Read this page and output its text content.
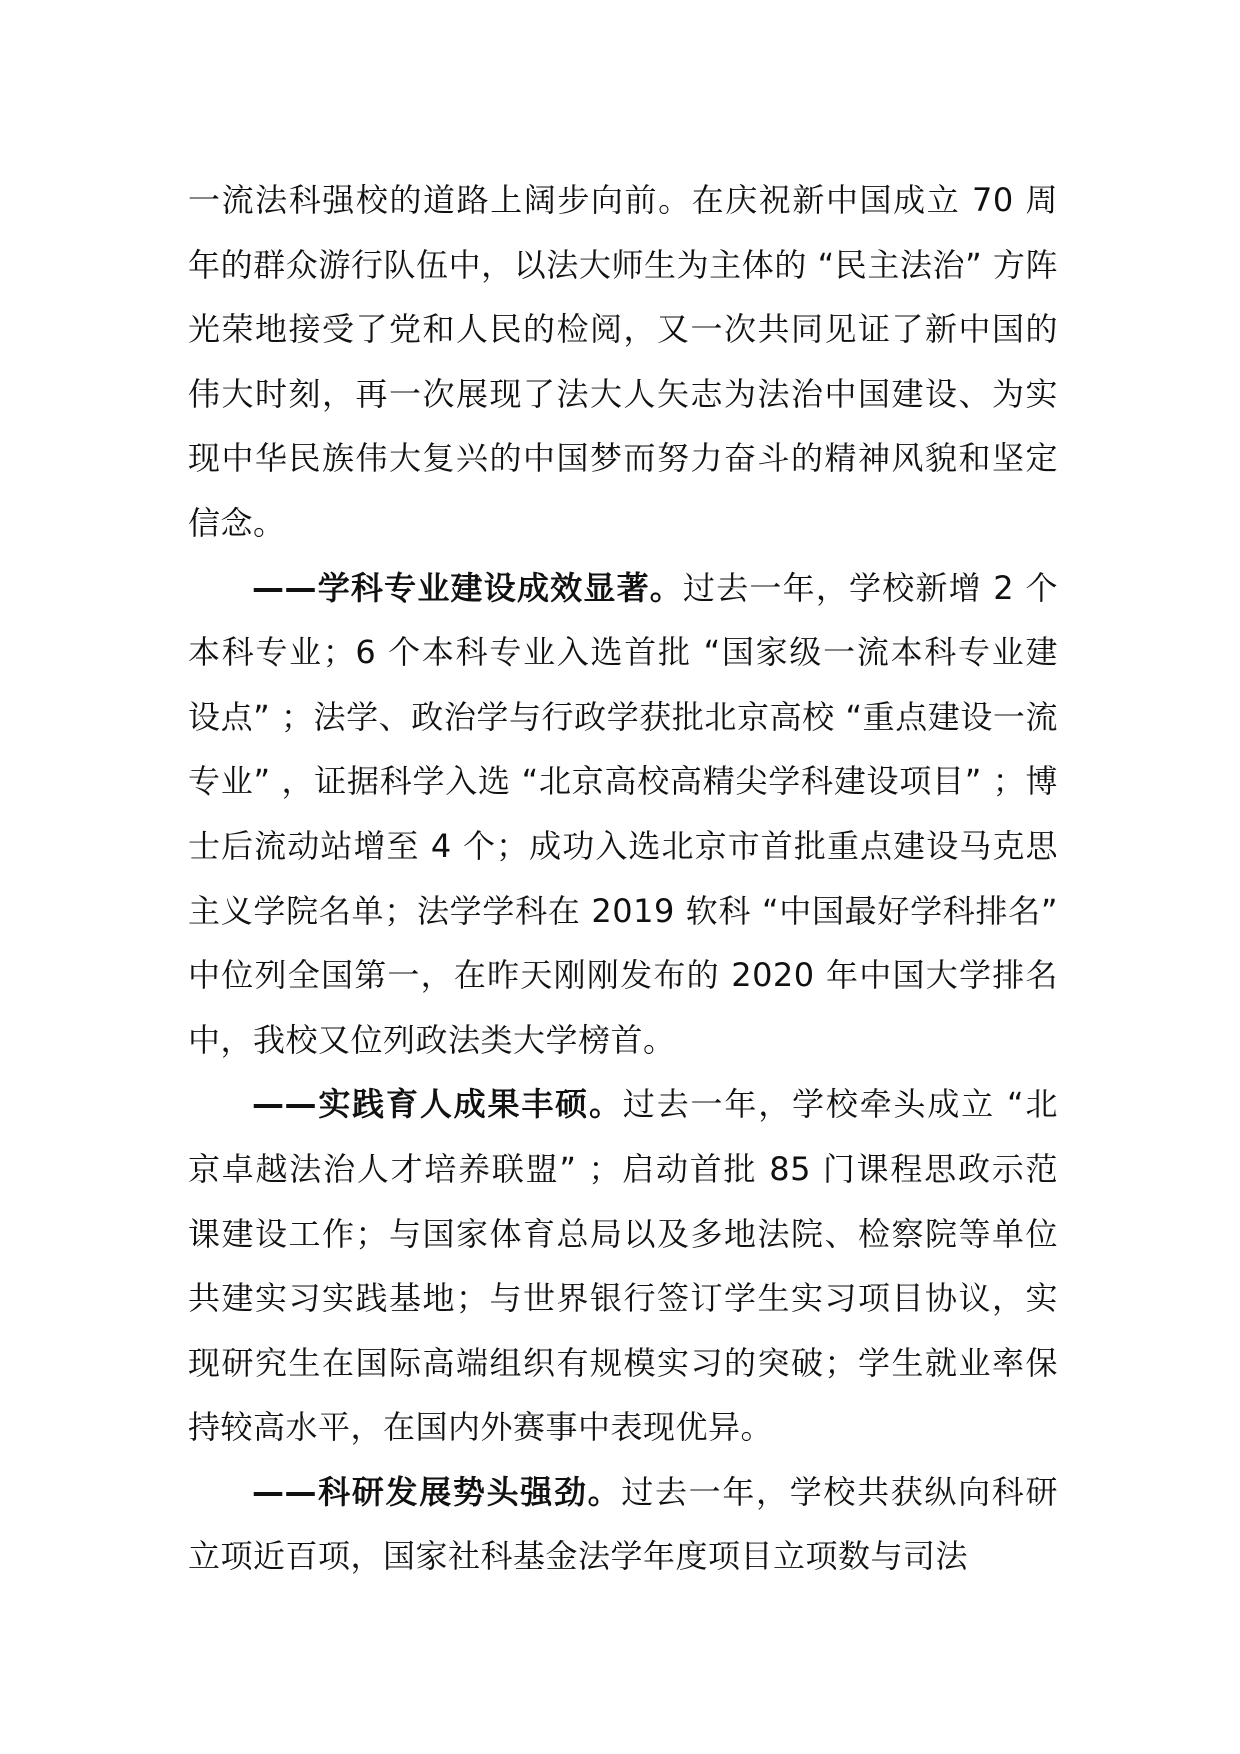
一流法科强校的道路上阔步向前。在庆祝新中国成立 70 周年的群众游行队伍中，以法大师生为主体的 “民主法治” 方阵光荣地接受了党和人民的检阅，又一次共同见证了新中国的伟大时刻，再一次展现了法大人矢志为法治中国建设、为实现中华民族伟大复兴的中国梦而努力奋斗的精神风貌和坚定信念。

——学科专业建设成效显著。过去一年，学校新增 2 个本科专业；6 个本科专业入选首批 “国家级一流本科专业建设点” ；法学、政治学与行政学获批北京高校 “重点建设一流专业” ，证据科学入选 “北京高校高精尖学科建设项目” ；博士后流动站增至 4 个；成功入选北京市首批重点建设马克思主义学院名单；法学学科在 2019 软科 “中国最好学科排名” 中位列全国第一，在昨天刚刚发布的 2020 年中国大学排名中，我校又位列政法类大学榜首。

——实践育人成果丰硕。过去一年，学校牵头成立 “北京卓越法治人才培养联盟” ；启动首批 85 门课程思政示范课建设工作；与国家体育总局以及多地法院、检察院等单位共建实习实践基地；与世界银行签订学生实习项目协议，实现研究生在国际高端组织有规模实习的突破；学生就业率保持较高水平，在国内外赛事中表现优异。

——科研发展势头强劲。过去一年，学校共获纵向科研立项近百项，国家社科基金法学年度项目立项数与司法
